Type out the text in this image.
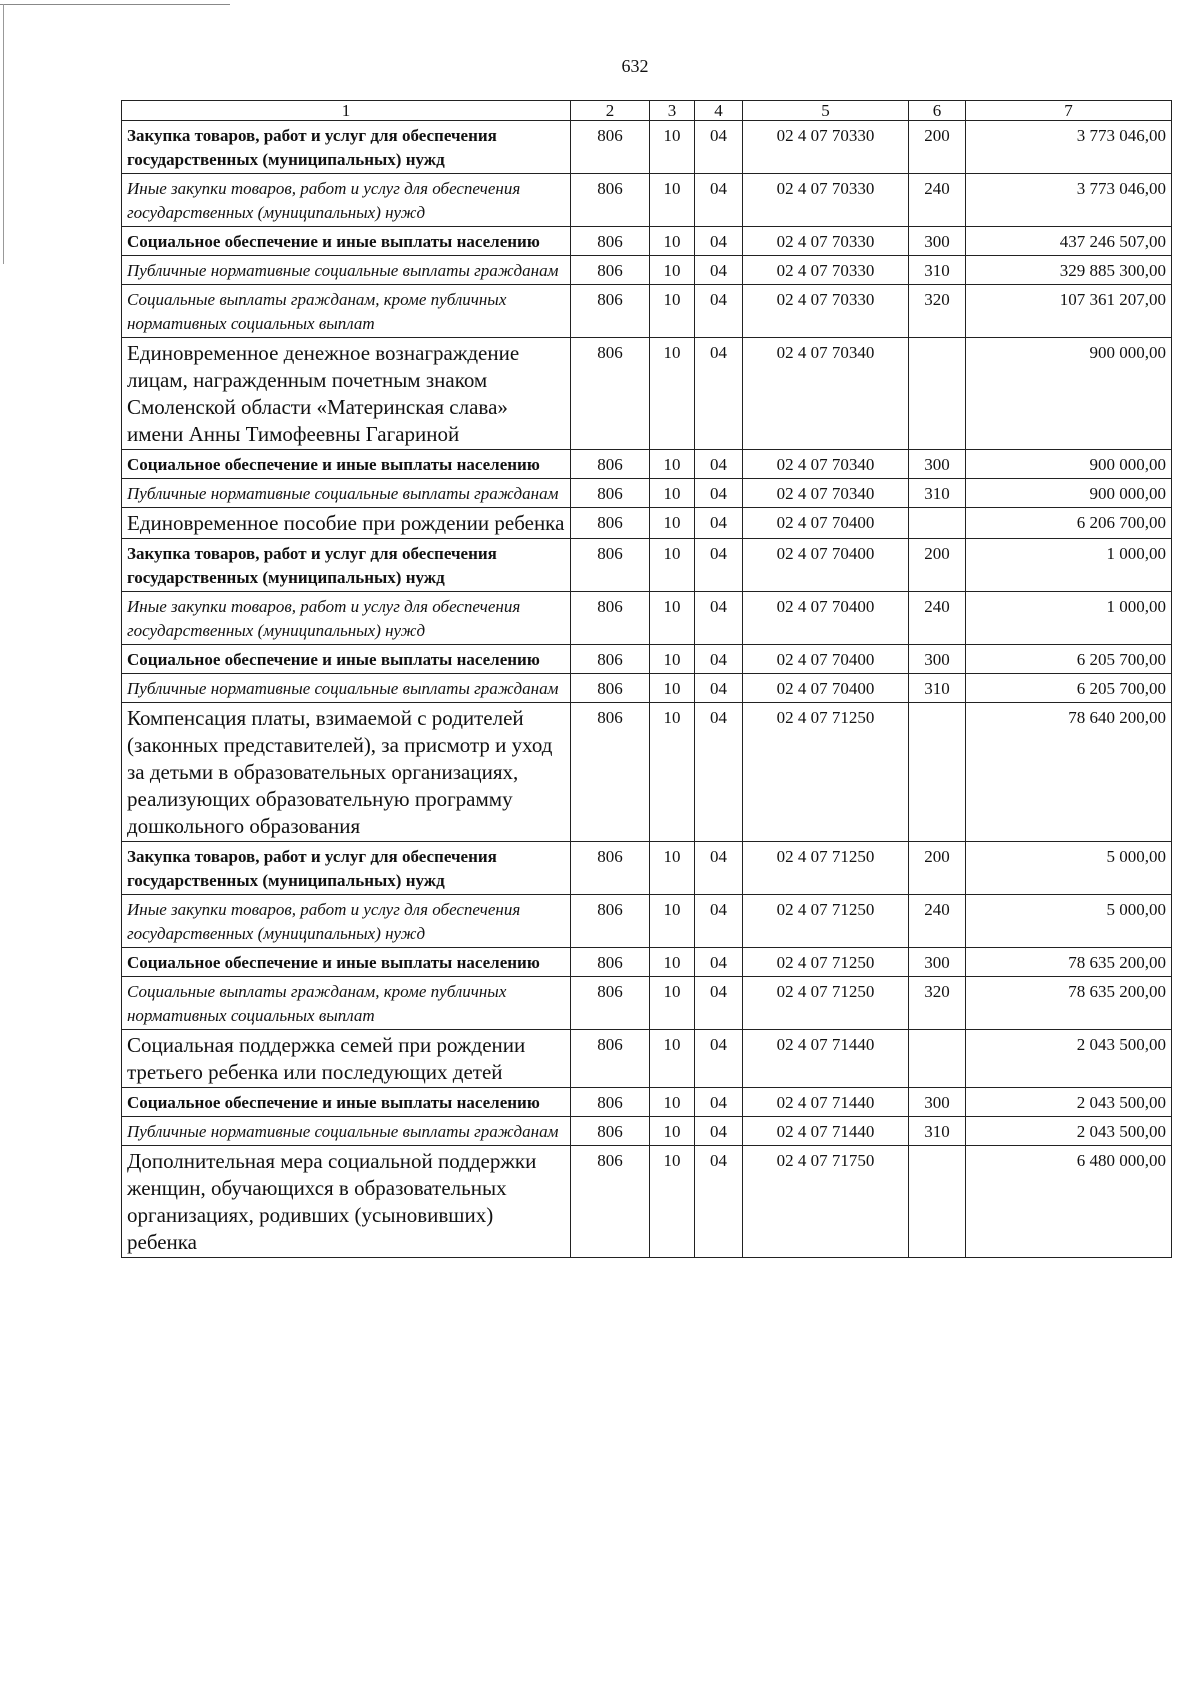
632
1	2	3	4	5	6	7
Закупка товаров, работ и услуг для обеспечения государственных (муниципальных) нужд	806	10	04	02 4 07 70330	200	3 773 046,00
Иные закупки товаров, работ и услуг для обеспечения государственных (муниципальных) нужд	806	10	04	02 4 07 70330	240	3 773 046,00
Социальное обеспечение и иные выплаты населению	806	10	04	02 4 07 70330	300	437 246 507,00
Публичные нормативные социальные выплаты гражданам	806	10	04	02 4 07 70330	310	329 885 300,00
Социальные выплаты гражданам, кроме публичных нормативных социальных выплат	806	10	04	02 4 07 70330	320	107 361 207,00
Единовременное денежное вознаграждение лицам, награжденным почетным знаком Смоленской области «Материнская слава» имени Анны Тимофеевны Гагариной	806	10	04	02 4 07 70340		900 000,00
Социальное обеспечение и иные выплаты населению	806	10	04	02 4 07 70340	300	900 000,00
Публичные нормативные социальные выплаты гражданам	806	10	04	02 4 07 70340	310	900 000,00
Единовременное пособие при рождении ребенка	806	10	04	02 4 07 70400		6 206 700,00
Закупка товаров, работ и услуг для обеспечения государственных (муниципальных) нужд	806	10	04	02 4 07 70400	200	1 000,00
Иные закупки товаров, работ и услуг для обеспечения государственных (муниципальных) нужд	806	10	04	02 4 07 70400	240	1 000,00
Социальное обеспечение и иные выплаты населению	806	10	04	02 4 07 70400	300	6 205 700,00
Публичные нормативные социальные выплаты гражданам	806	10	04	02 4 07 70400	310	6 205 700,00
Компенсация платы, взимаемой с родителей (законных представителей), за присмотр и уход за детьми в образовательных организациях, реализующих образовательную программу дошкольного образования	806	10	04	02 4 07 71250		78 640 200,00
Закупка товаров, работ и услуг для обеспечения государственных (муниципальных) нужд	806	10	04	02 4 07 71250	200	5 000,00
Иные закупки товаров, работ и услуг для обеспечения государственных (муниципальных) нужд	806	10	04	02 4 07 71250	240	5 000,00
Социальное обеспечение и иные выплаты населению	806	10	04	02 4 07 71250	300	78 635 200,00
Социальные выплаты гражданам, кроме публичных нормативных социальных выплат	806	10	04	02 4 07 71250	320	78 635 200,00
Социальная поддержка семей при рождении третьего ребенка или последующих детей	806	10	04	02 4 07 71440		2 043 500,00
Социальное обеспечение и иные выплаты населению	806	10	04	02 4 07 71440	300	2 043 500,00
Публичные нормативные социальные выплаты гражданам	806	10	04	02 4 07 71440	310	2 043 500,00
Дополнительная мера социальной поддержки женщин, обучающихся в образовательных организациях, родивших (усыновивших) ребенка	806	10	04	02 4 07 71750		6 480 000,00
